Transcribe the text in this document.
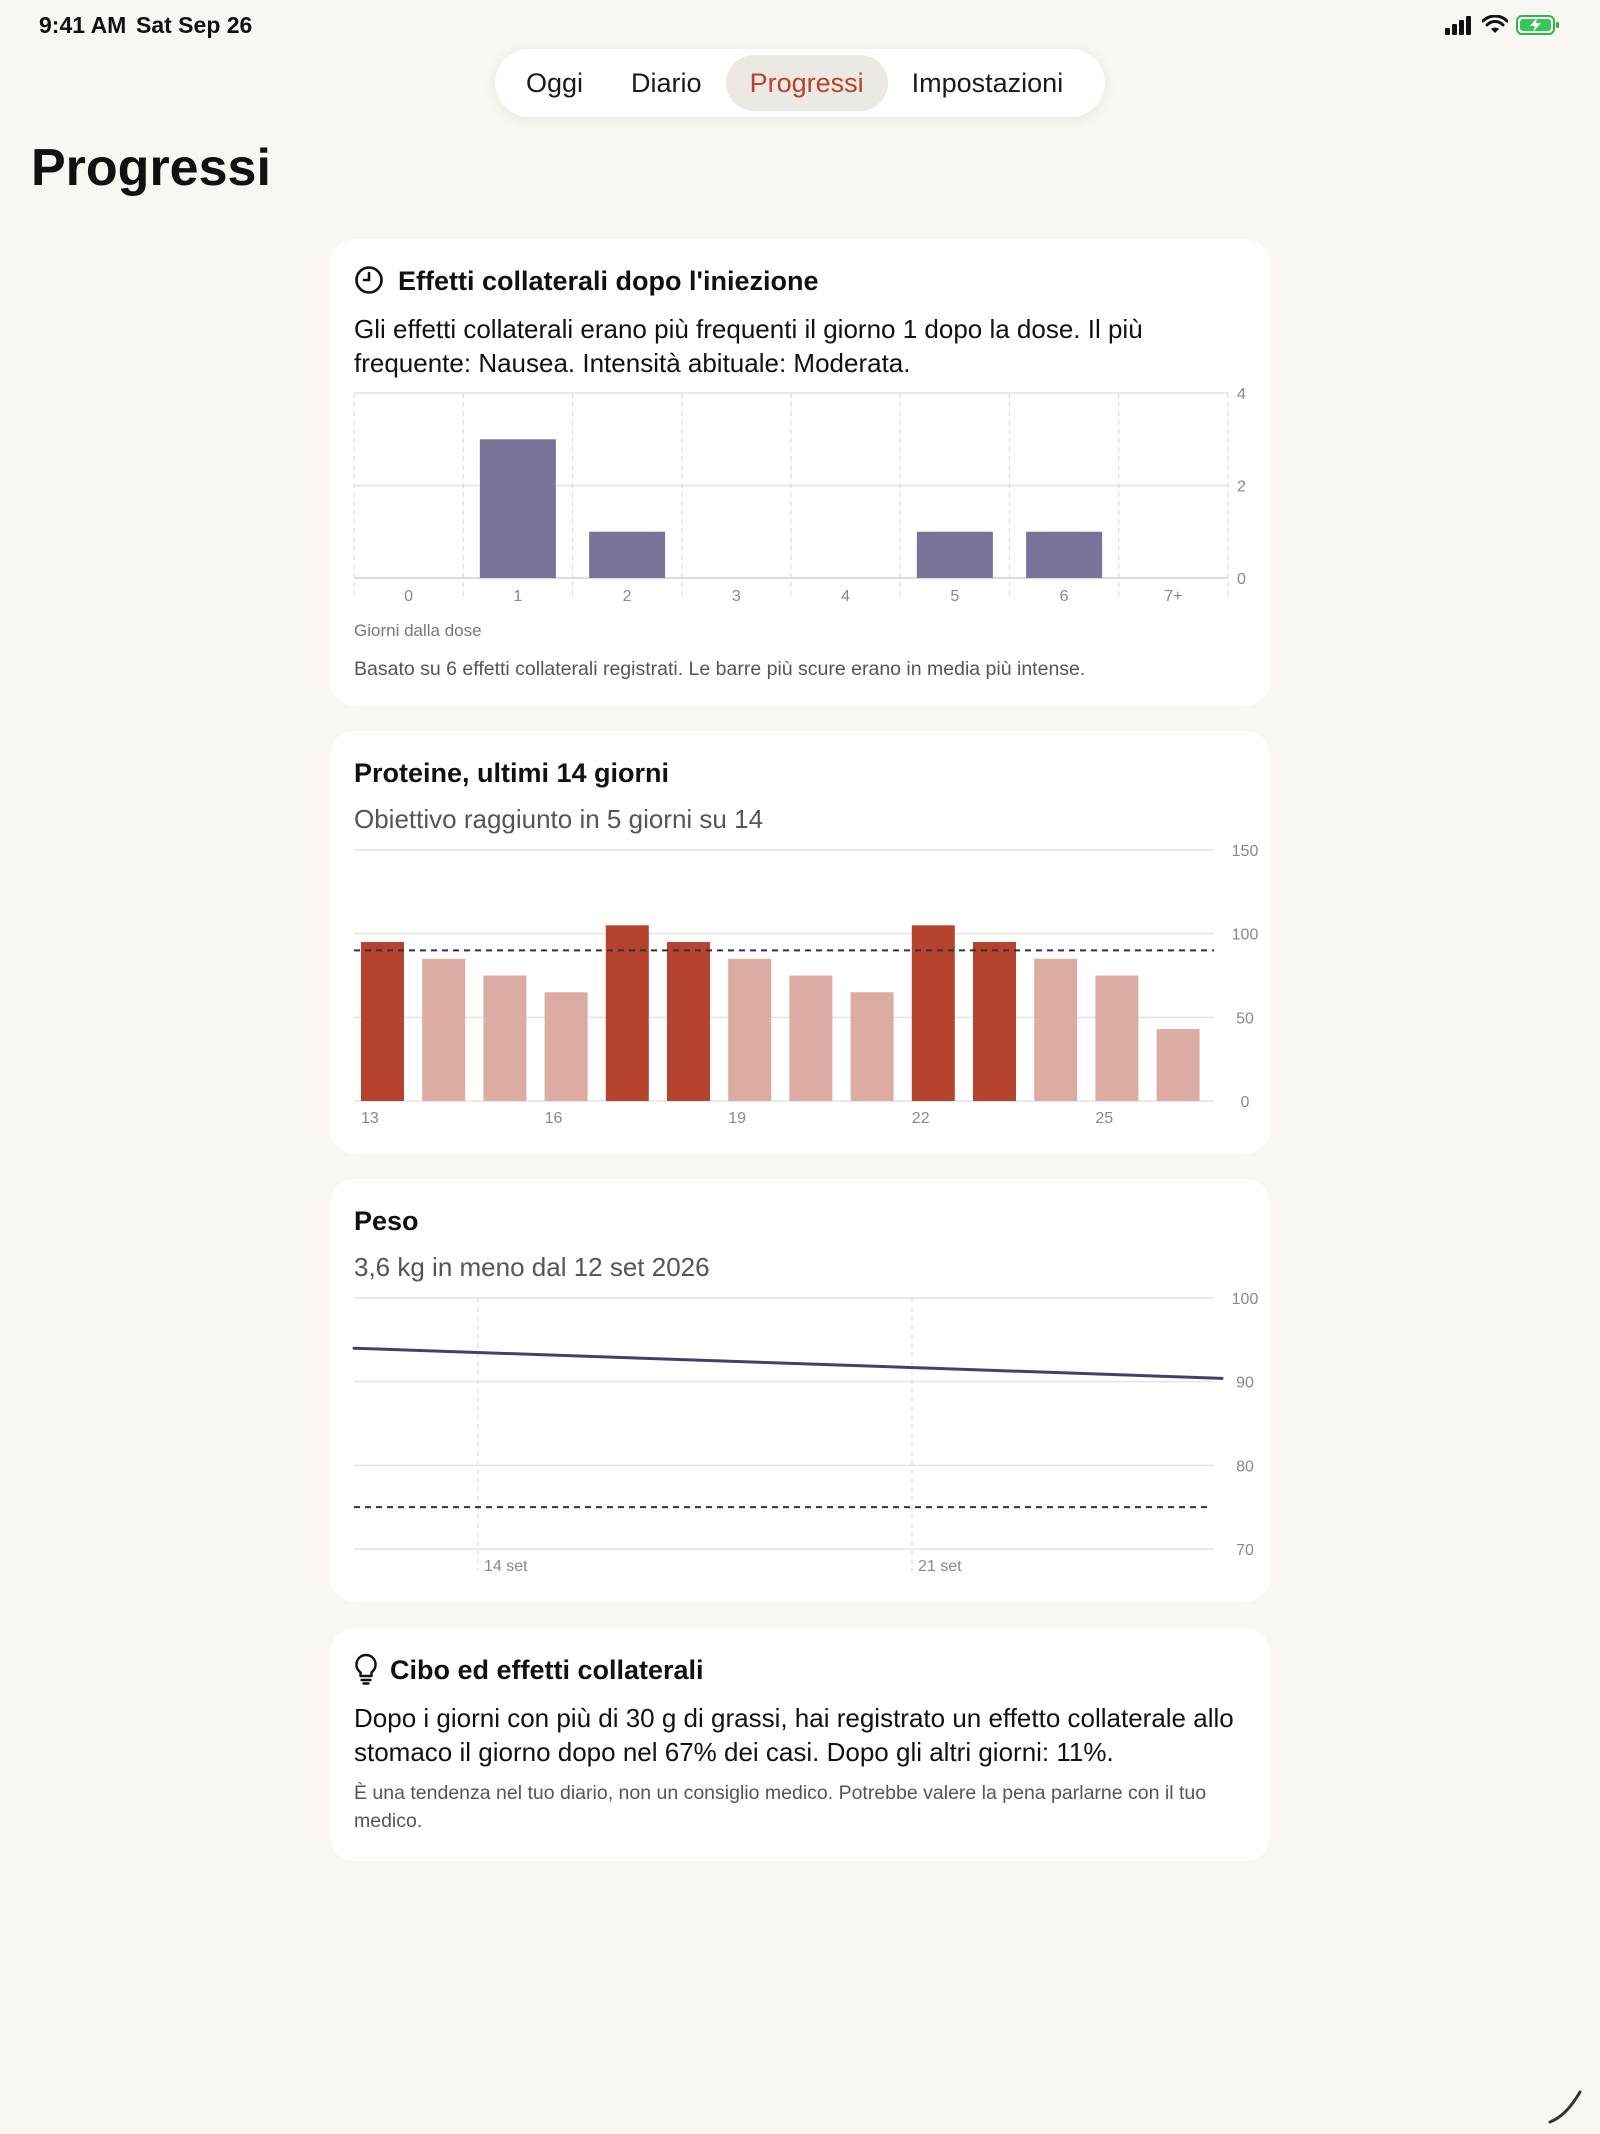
9:41 AM Sat Sep 26
Oggi	Diario	Progressi	Impostazioni
Progressi
Effetti collaterali dopo l'iniezione
Gli effetti collaterali erano più frequenti il giorno 1 dopo la dose. Il più frequente: Nausea. Intensità abituale: Moderata.
0
2
4
0	1	2	3	4	5	6	7+
Giorni dalla dose
Basato su 6 effetti collaterali registrati. Le barre più scure erano in media più intense.
Proteine, ultimi 14 giorni
Obiettivo raggiunto in 5 giorni su 14
0
50
100
150
13	16	19	22	25
Peso
3,6 kg in meno dal 12 set 2026
70
80
90
100
14 set	21 set
Cibo ed effetti collaterali
Dopo i giorni con più di 30 g di grassi, hai registrato un effetto collaterale allo stomaco il giorno dopo nel 67% dei casi. Dopo gli altri giorni: 11%.
È una tendenza nel tuo diario, non un consiglio medico. Potrebbe valere la pena parlarne con il tuo medico.
